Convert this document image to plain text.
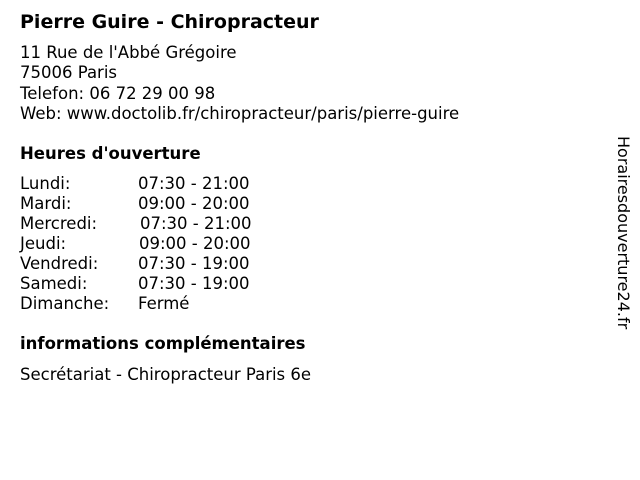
Pierre Guire - Chiropracteur
11 Rue de l'Abbé Grégoire
75006 Paris
Telefon: 06 72 29 00 98
Web: www.doctolib.fr/chiropracteur/paris/pierre-guire
Heures d'ouverture
Lundi:	07:30 - 21:00
Mardi:	09:00 - 20:00
Mercredi:	07:30 - 21:00
Jeudi:	09:00 - 20:00
Vendredi: 07:30 - 19:00
Samedi:	07:30 - 19:00
Dimanche: Fermé
informations complémentaires
Secrétariat - Chiropracteur Paris 6e
Horairesdouverture24.fr
